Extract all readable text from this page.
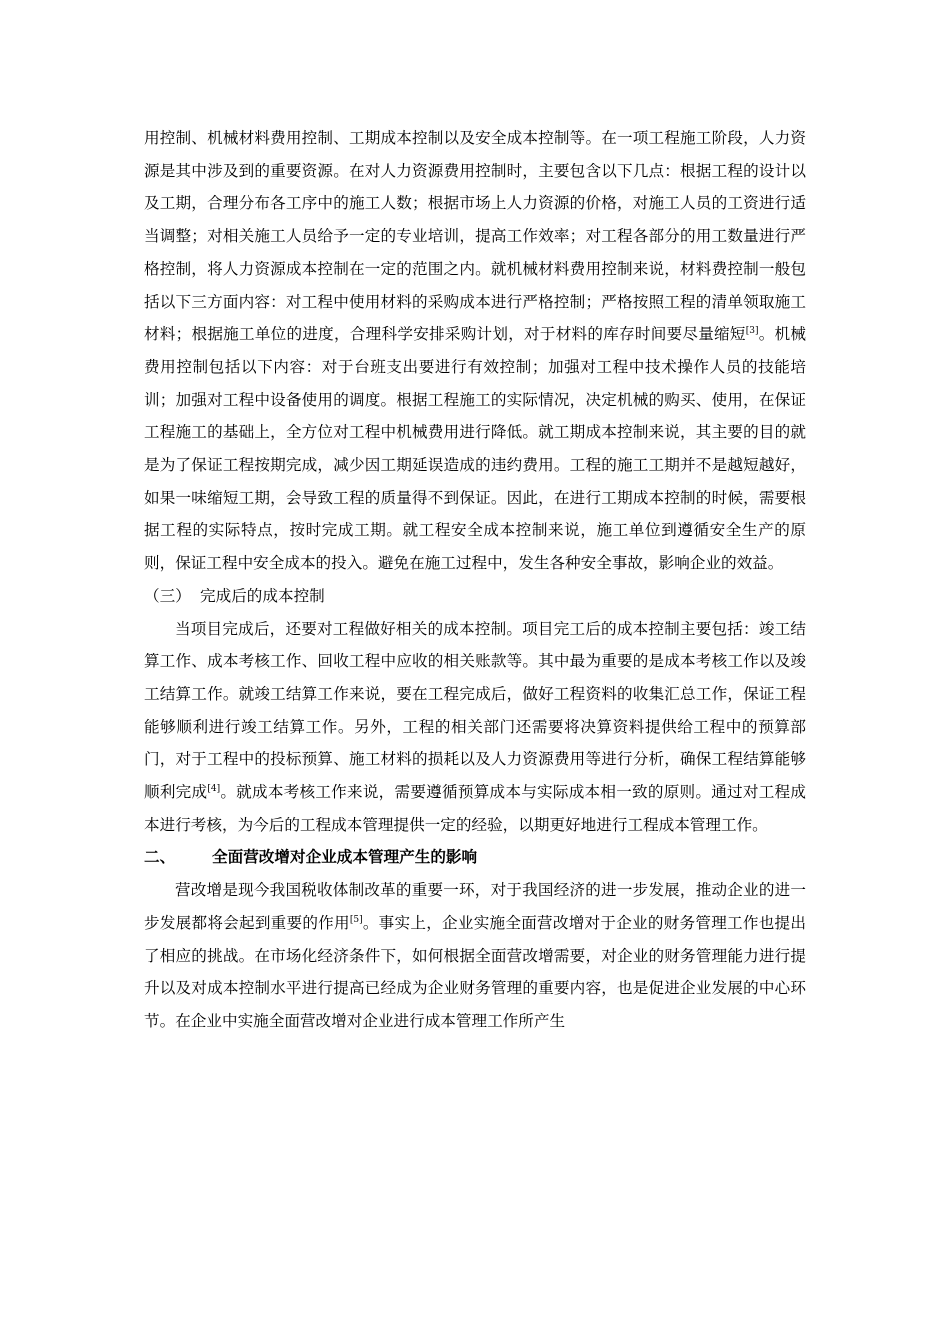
用控制、机械材料费用控制、工期成本控制以及安全成本控制等。在一项工程施工阶段，人力资源是其中涉及到的重要资源。在对人力资源费用控制时，主要包含以下几点：根据工程的设计以及工期，合理分布各工序中的施工人数；根据市场上人力资源的价格，对施工人员的工资进行适当调整；对相关施工人员给予一定的专业培训，提高工作效率；对工程各部分的用工数量进行严格控制，将人力资源成本控制在一定的范围之内。就机械材料费用控制来说，材料费控制一般包括以下三方面内容：对工程中使用材料的采购成本进行严格控制；严格按照工程的清单领取施工材料；根据施工单位的进度，合理科学安排采购计划，对于材料的库存时间要尽量缩短[3]。机械费用控制包括以下内容：对于台班支出要进行有效控制；加强对工程中技术操作人员的技能培训；加强对工程中设备使用的调度。根据工程施工的实际情况，决定机械的购买、使用，在保证工程施工的基础上，全方位对工程中机械费用进行降低。就工期成本控制来说，其主要的目的就是为了保证工程按期完成，减少因工期延误造成的违约费用。工程的施工工期并不是越短越好，如果一味缩短工期，会导致工程的质量得不到保证。因此，在进行工期成本控制的时候，需要根据工程的实际特点，按时完成工期。就工程安全成本控制来说，施工单位到遵循安全生产的原则，保证工程中安全成本的投入。避免在施工过程中，发生各种安全事故，影响企业的效益。

（三） 完成后的成本控制

当项目完成后，还要对工程做好相关的成本控制。项目完工后的成本控制主要包括：竣工结算工作、成本考核工作、回收工程中应收的相关账款等。其中最为重要的是成本考核工作以及竣工结算工作。就竣工结算工作来说，要在工程完成后，做好工程资料的收集汇总工作，保证工程能够顺利进行竣工结算工作。另外，工程的相关部门还需要将决算资料提供给工程中的预算部门，对于工程中的投标预算、施工材料的损耗以及人力资源费用等进行分析，确保工程结算能够顺利完成[4]。就成本考核工作来说，需要遵循预算成本与实际成本相一致的原则。通过对工程成本进行考核，为今后的工程成本管理提供一定的经验，以期更好地进行工程成本管理工作。

二、 全面营改增对企业成本管理产生的影响

营改增是现今我国税收体制改革的重要一环，对于我国经济的进一步发展，推动企业的进一步发展都将会起到重要的作用[5]。事实上，企业实施全面营改增对于企业的财务管理工作也提出了相应的挑战。在市场化经济条件下，如何根据全面营改增需要，对企业的财务管理能力进行提升以及对成本控制水平进行提高已经成为企业财务管理的重要内容，也是促进企业发展的中心环节。在企业中实施全面营改增对企业进行成本管理工作所产生
